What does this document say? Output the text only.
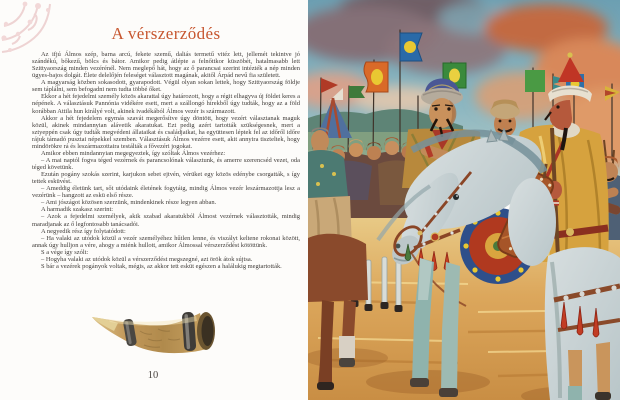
A vérszerződés

Az ifjú Álmos szép, barna arcú, fekete szemű, daliás termetű vitéz lett, jellemét tekintve jó szándékú, bőkezű, bölcs és bátor. Amikor pedig átlépte a felnőttkor küszöbét, hatalmasabb lett Szittyaország minden vezérénél. Nem meglepő hát, hogy az ő parancsai szerint intézték a nép minden ügyes-bajos dolgát. Élete delelőjén feleséget választott magának, akitől Árpád nevű fia született.

A magyarság közben sokasodott, gyarapodott. Végül olyan sokan lettek, hogy Szittyaország földje sem táplálni, sem befogadni nem tudta többé őket.

Ekkor a hét fejedelmi személy közös akarattal úgy határozott, hogy a régit elhagyva új földet keres a népének. A választásuk Pannónia vidékére esett, mert a szállongó hírekből úgy tudták, hogy az a föld korábban Attila hun királyé volt, akinek ivadékából Álmos vezér is származott.

Akkor a hét fejedelem egymás szavát megerősítve úgy döntött, hogy vezért választanak maguk közül, akinek mindannyian alávetik akaratukat. Ezt pedig azért tartották szükségesnek, mert a sztyeppén csak úgy tudták megvédeni állataikat és családjaikat, ha együttesen léptek fel az időről időre rájuk támadó pusztai népekkel szemben. Választásuk Álmos vezérre esett, akit annyira tiszteltek, hogy mindörökre rá és leszármazottaira testálták a fővezéri jogokat.

Amikor ebben mindannyian megegyeztek, így szóltak Álmos vezérhez:

– A mai naptól fogva téged vezérnek és parancsolónak választunk, és amerre szerencséd vezet, oda téged követünk.

Ezután pogány szokás szerint, karjukon sebet ejtvén, vérüket egy közös edénybe csorgatták, s így tettek esküvést.

– Ameddig életünk tart, sőt utódaink életének fogytáig, mindig Álmos vezér leszármazottja lesz a vezérünk – hangzott az eskü első része.

– Ami jószágot közösen szerzünk, mindenkinek része legyen abban.

A harmadik szakasz szerint:

– Azok a fejedelmi személyek, akik szabad akaratukból Álmost vezérnek választották, mindig maradjanak az ő legfontosabb tanácsadói.

A negyedik rész így folytatódott:

– Ha valaki az utódok közül a vezér személyéhez hűtlen lenne, és viszályt keltene rokonai között, annak úgy hulljon a vére, ahogy a miénk hullott, amikor Álmossal vérszerződést kötöttünk.

S a vége így szólt:

– Hogyha valaki az utódok közül a vérszerződést megszegné, azt örök átok sújtsa.

S bár a vezérek pogányok voltak, mégis, az akkor tett esküt egészen a halálukig megtartották.

10
